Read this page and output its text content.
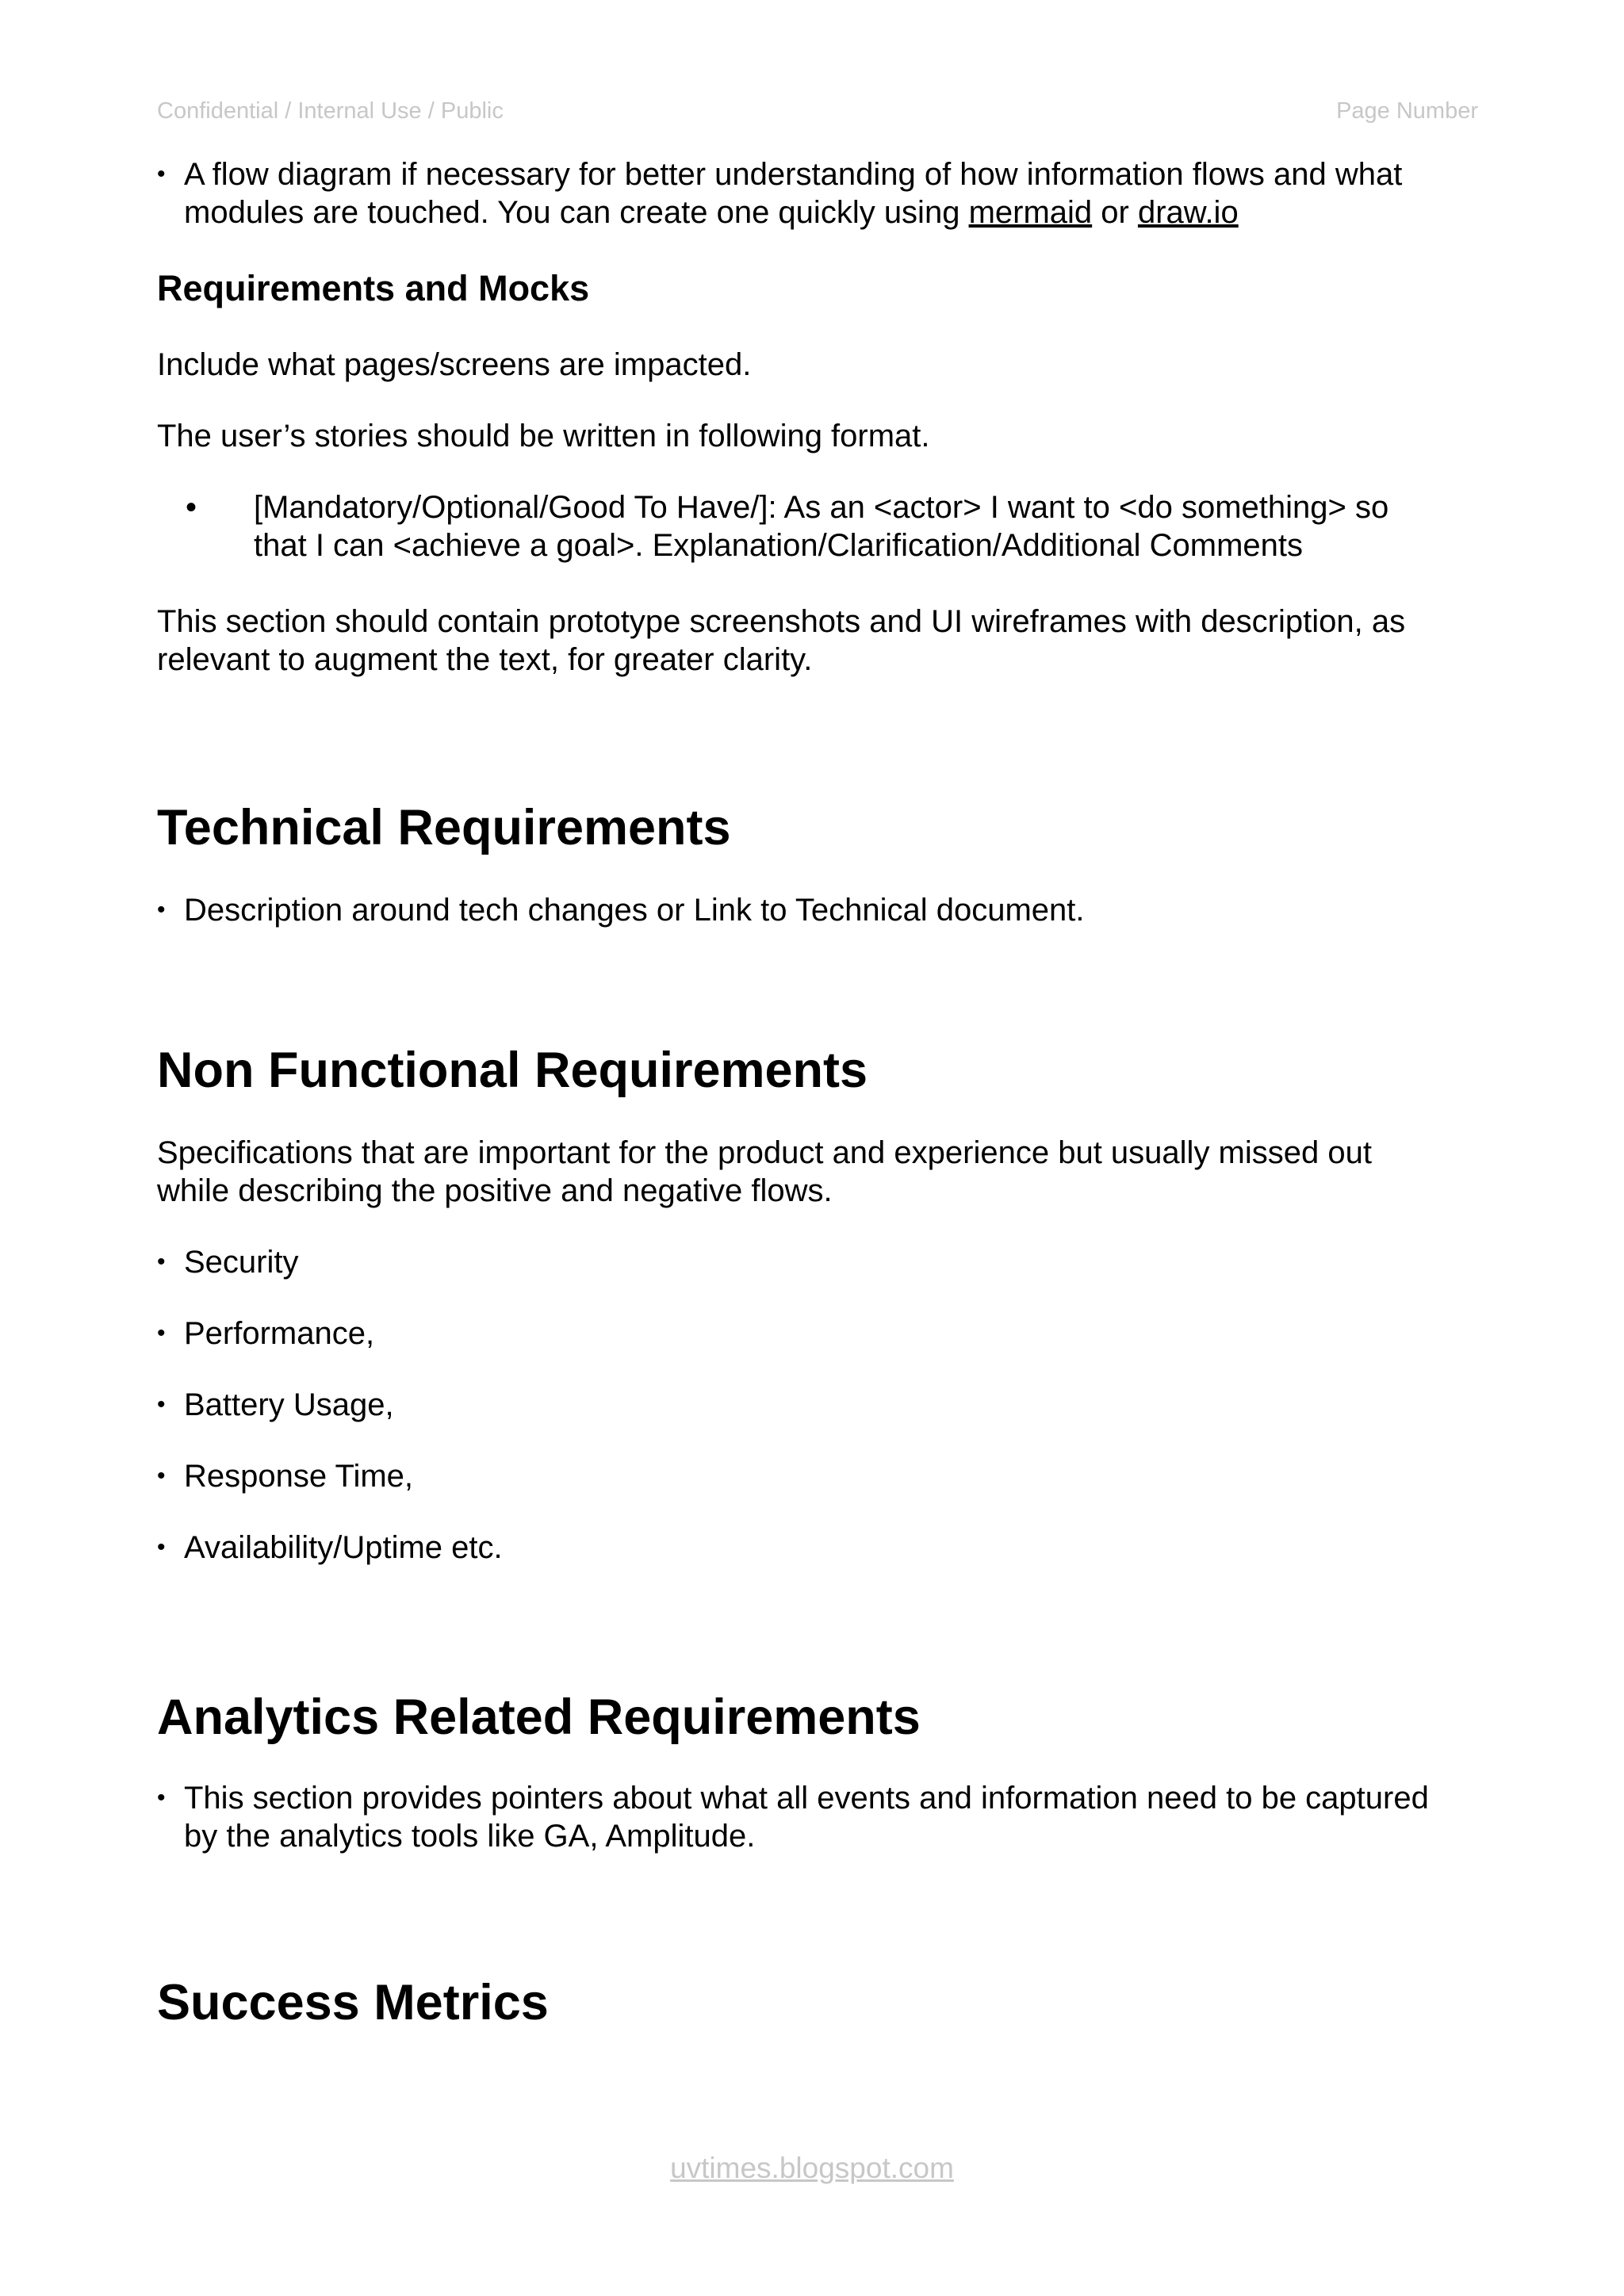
Confidential / Internal Use / Public	Page Number
• A flow diagram if necessary for better understanding of how information flows and what
modules are touched. You can create one quickly using mermaid or draw.io
Requirements and Mocks

Include what pages/screens are impacted.

The user’s stories should be written in following format.

• [Mandatory/Optional/Good To Have/]: As an <actor> I want to <do something> so
that I can <achieve a goal>. Explanation/Clarification/Additional Comments
This section should contain prototype screenshots and UI wireframes with description, as
relevant to augment the text, for greater clarity.
Technical Requirements
• Description around tech changes or Link to Technical document.
Non Functional Requirements
Specifications that are important for the product and experience but usually missed out
while describing the positive and negative flows.
• Security
• Performance,
• Battery Usage,
• Response Time,
• Availability/Uptime etc.
Analytics Related Requirements
• This section provides pointers about what all events and information need to be captured
by the analytics tools like GA, Amplitude.
Success Metrics
uvtimes.blogspot.com
